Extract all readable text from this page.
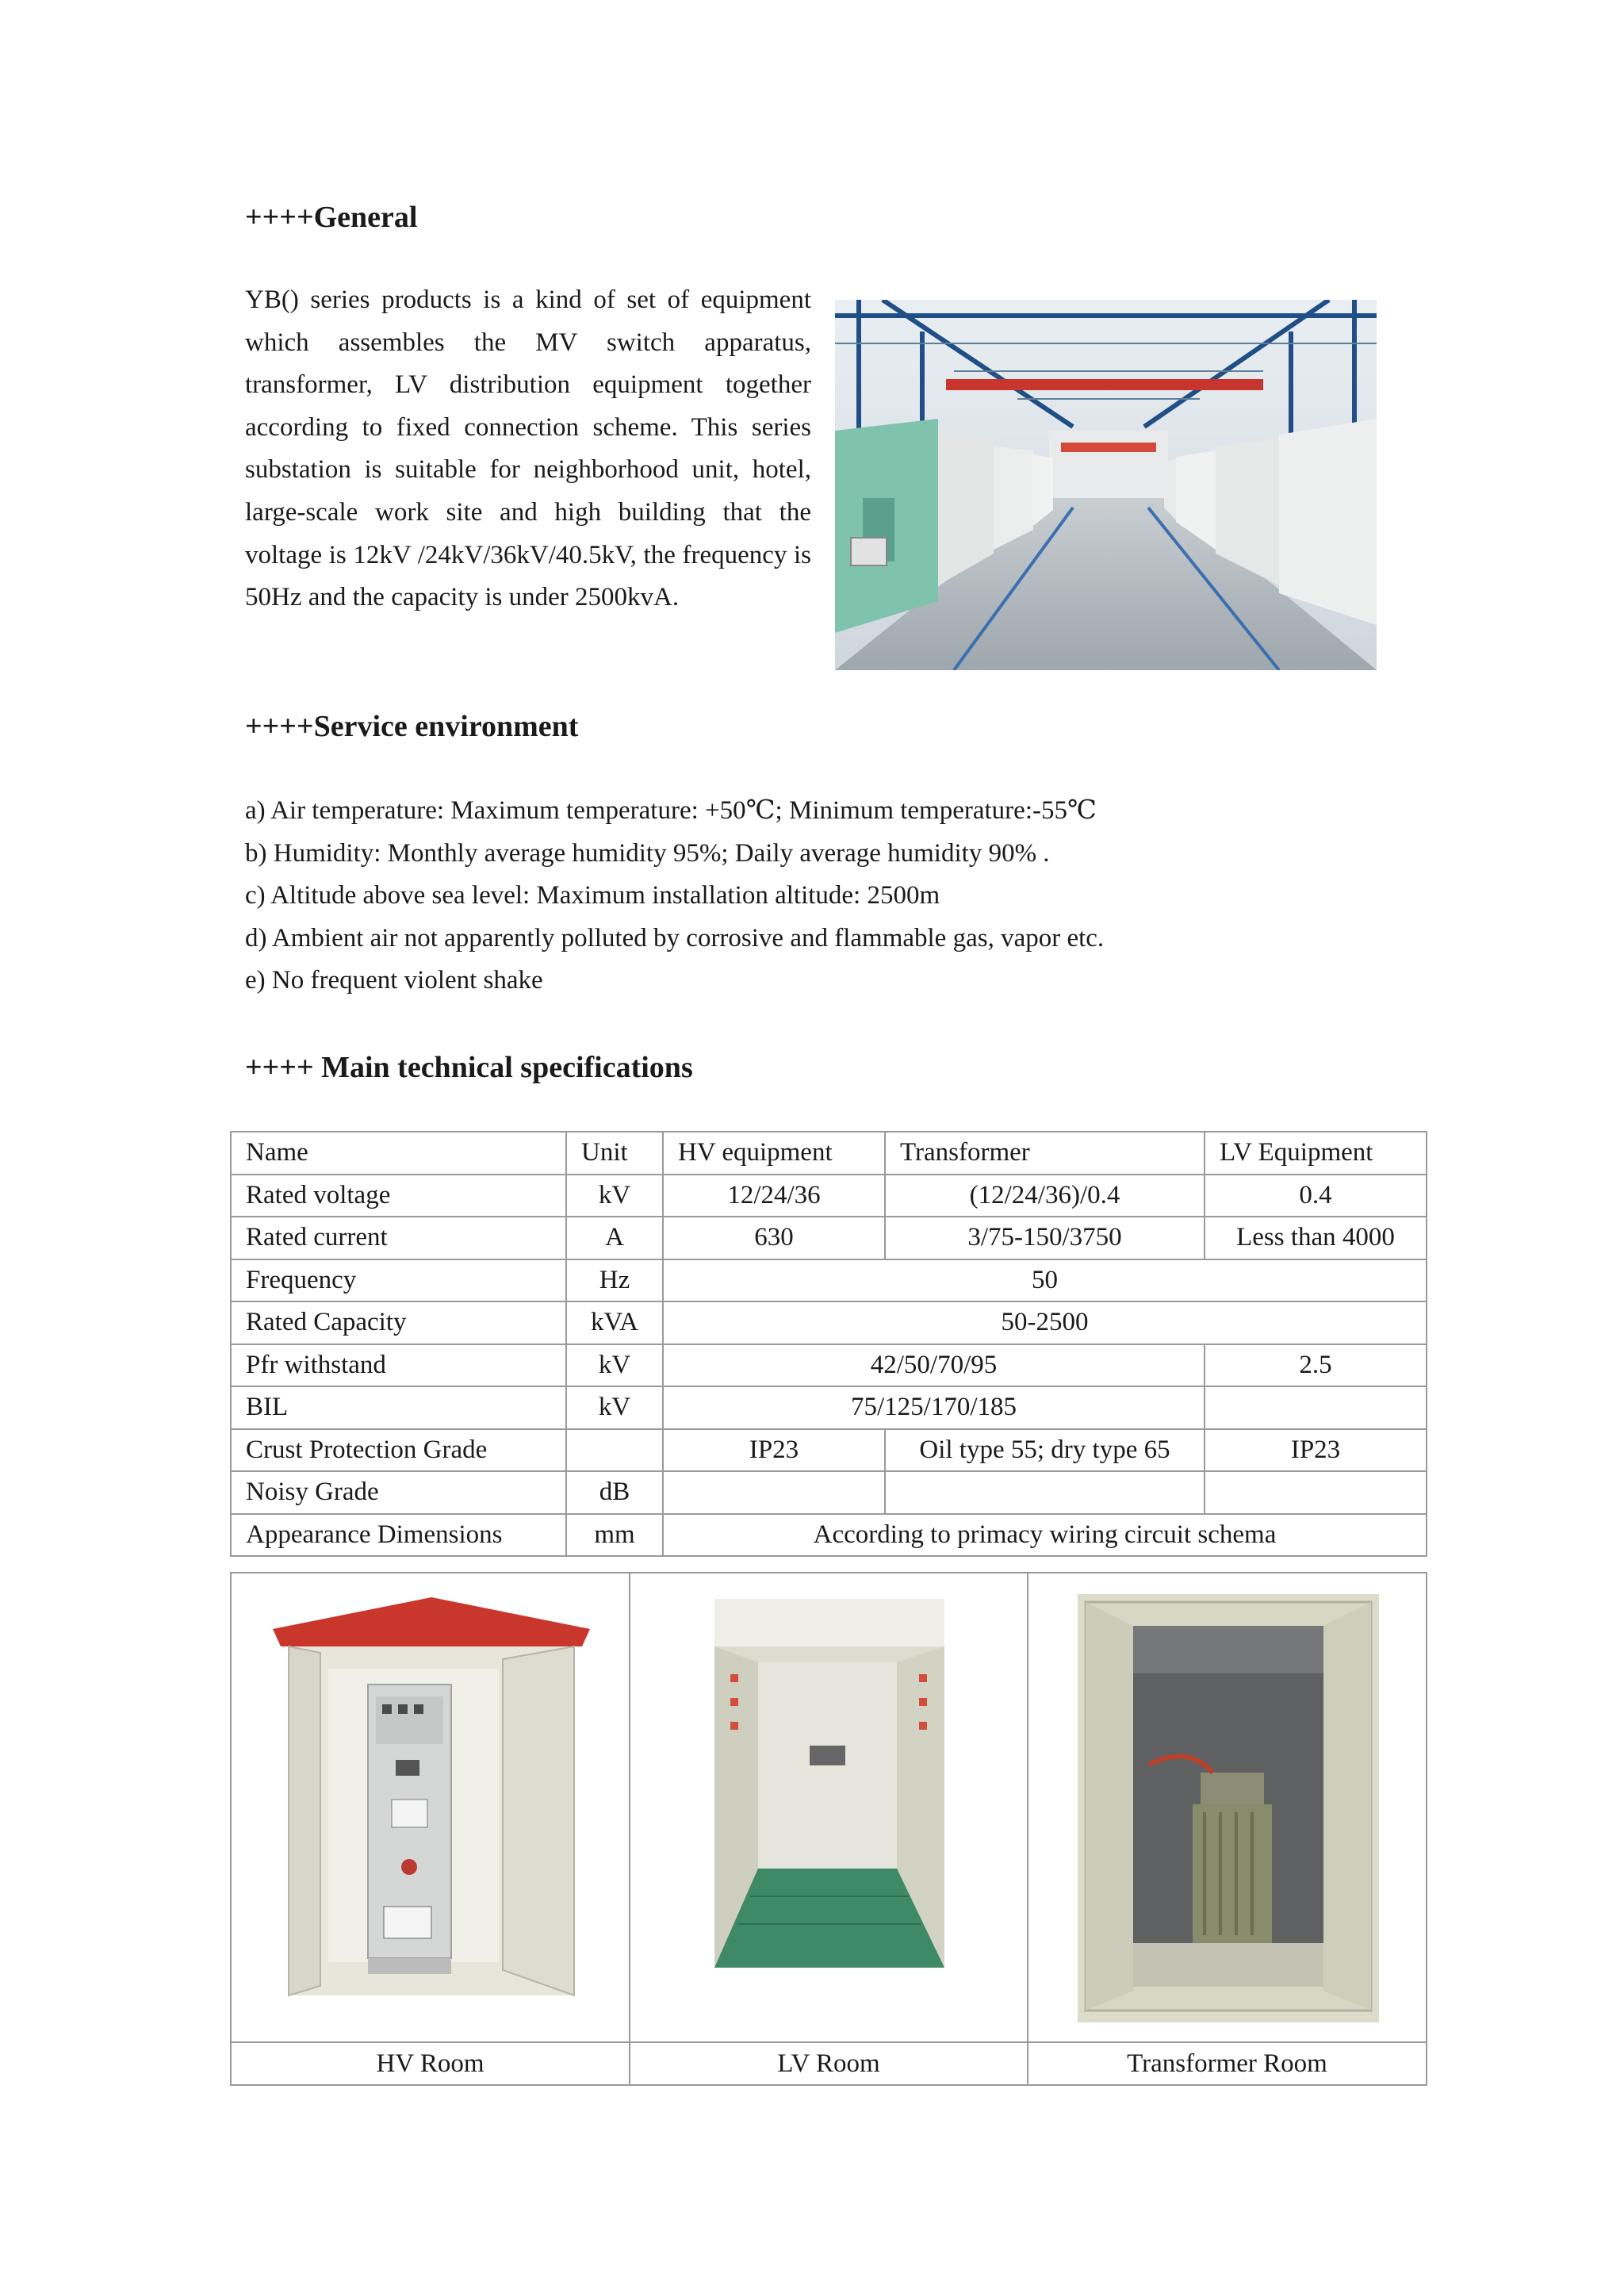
++++General
YB() series products is a kind of set of equipment which assembles the MV switch apparatus, transformer, LV distribution equipment together according to fixed connection scheme. This series substation is suitable for neighborhood unit, hotel, large-scale work site and high building that the voltage is 12kV /24kV/36kV/40.5kV, the frequency is 50Hz and the capacity is under 2500kvA.
++++Service environment
a) Air temperature: Maximum temperature: +50℃; Minimum temperature:-55℃
b) Humidity: Monthly average humidity 95%; Daily average humidity 90% .
c) Altitude above sea level: Maximum installation altitude: 2500m
d) Ambient air not apparently polluted by corrosive and flammable gas, vapor etc.
e) No frequent violent shake
++++ Main technical specifications
Name	Unit	HV equipment	Transformer	LV Equipment
Rated voltage	kV	12/24/36	(12/24/36)/0.4	0.4
Rated current	A	630	3/75-150/3750	Less than 4000
Frequency	Hz	50		
Rated Capacity	kVA	50-2500		
Pfr withstand	kV	42/50/70/95		2.5
BIL	kV	75/125/170/185		
Crust Protection Grade		IP23	Oil type 55; dry type 65	IP23
Noisy Grade	dB			
Appearance Dimensions	mm	According to primacy wiring circuit schema		

HV Room	LV Room	Transformer Room
